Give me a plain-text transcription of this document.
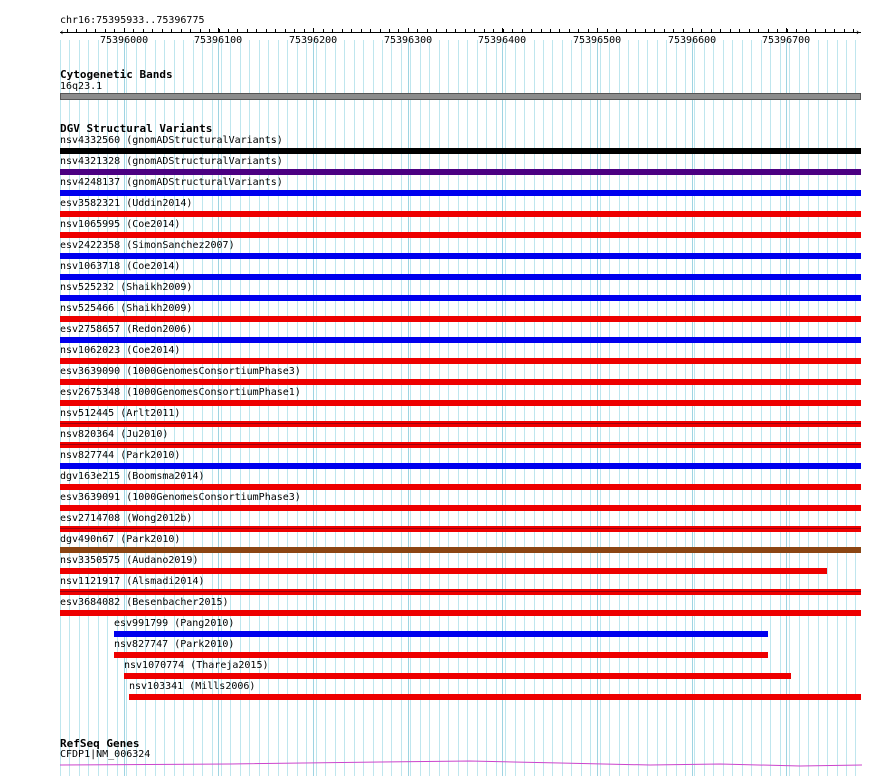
chr16:75395933..75396775
‹	›
75396000	75396100	75396200	75396300	75396400	75396500	75396600	75396700
Cytogenetic Bands
16q23.1
DGV Structural Variants
nsv4332560 (gnomADStructuralVariants)
nsv4321328 (gnomADStructuralVariants)
nsv4248137 (gnomADStructuralVariants)
esv3582321 (Uddin2014)
nsv1065995 (Coe2014)
esv2422358 (SimonSanchez2007)
nsv1063718 (Coe2014)
nsv525232 (Shaikh2009)
nsv525466 (Shaikh2009)
esv2758657 (Redon2006)
nsv1062023 (Coe2014)
esv3639090 (1000GenomesConsortiumPhase3)
esv2675348 (1000GenomesConsortiumPhase1)
nsv512445 (Arlt2011)
nsv820364 (Ju2010)
nsv827744 (Park2010)
dgv163e215 (Boomsma2014)
esv3639091 (1000GenomesConsortiumPhase3)
esv2714708 (Wong2012b)
dgv490n67 (Park2010)
nsv3350575 (Audano2019)
nsv1121917 (Alsmadi2014)
esv3684082 (Besenbacher2015)
esv991799 (Pang2010)
nsv827747 (Park2010)
nsv1070774 (Thareja2015)
nsv103341 (Mills2006)
RefSeq Genes
CFDP1|NM_006324
